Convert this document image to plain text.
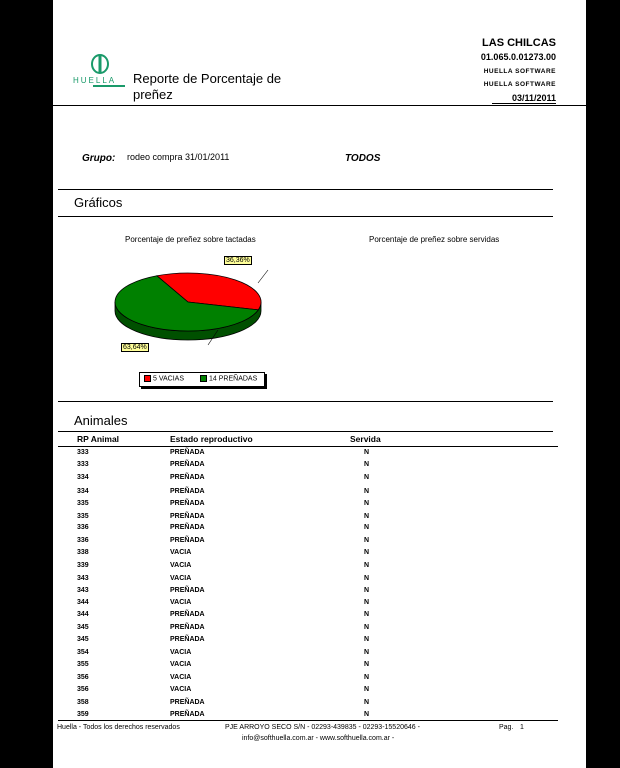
HUELLA Reporte de Porcentaje de preñez
LAS CHILCAS
01.065.0.01273.00
HUELLA SOFTWARE
HUELLA SOFTWARE
03/11/2011
Grupo: rodeo compra 31/01/2011	TODOS
Gráficos
Porcentaje de preñez sobre tactadas	Porcentaje de preñez sobre servidas
5 VACIAS	14 PREÑADAS
Animales
RP Animal	Estado reproductivo	Servida
333	PREÑADA	N
333	PREÑADA	N
334	PREÑADA	N
334	PREÑADA	N
335	PREÑADA	N
335	PREÑADA	N
336	PREÑADA	N
336	PREÑADA	N
338	VACIA	N
339	VACIA	N
343	VACIA	N
343	PREÑADA	N
344	VACIA	N
344	PREÑADA	N
345	PREÑADA	N
345	PREÑADA	N
354	VACIA	N
355	VACIA	N
356	VACIA	N
356	VACIA	N
358	PREÑADA	N
359	PREÑADA	N
Huella - Todos los derechos reservados	PJE ARROYO SECO S/N - 02293-439835 - 02293-15520646 -
info@softhuella.com.ar - www.softhuella.com.ar -
Pag. 1
36,36%
63,64%
